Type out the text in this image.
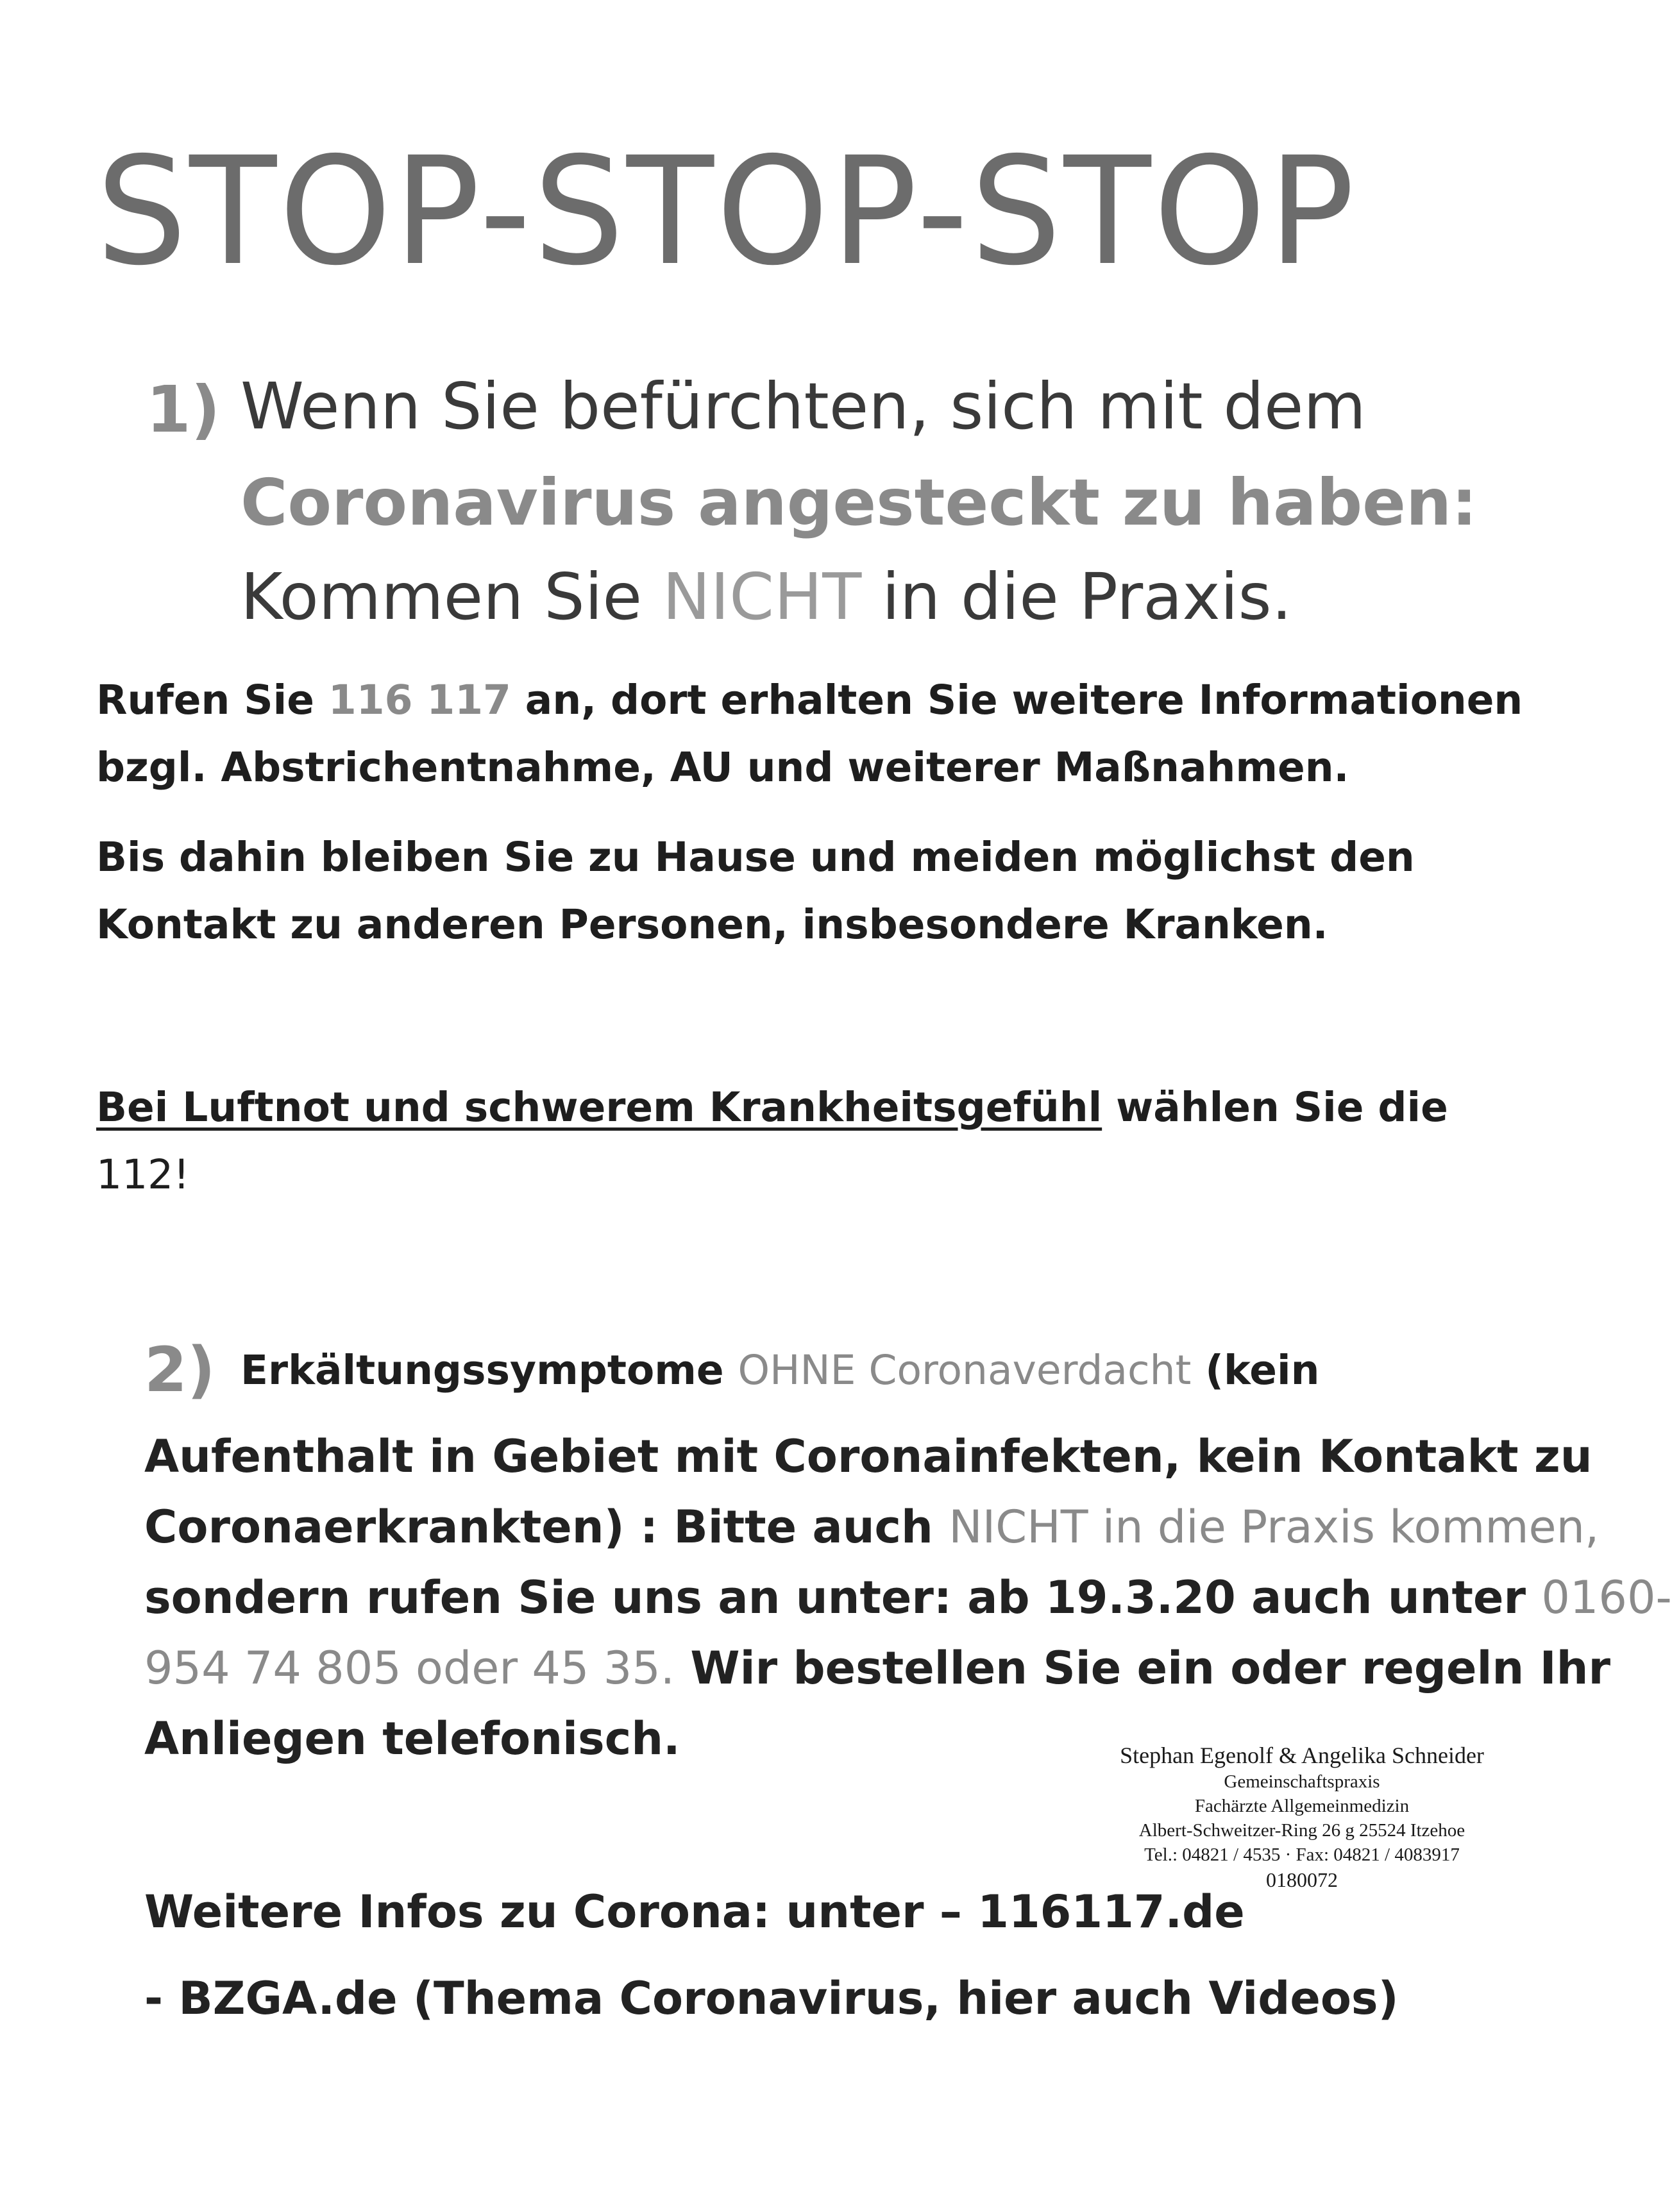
STOP-STOP-STOP
1) Wenn Sie befürchten, sich mit dem
Coronavirus angesteckt zu haben:
Kommen Sie NICHT in die Praxis.
Rufen Sie 116 117 an, dort erhalten Sie weitere Informationen
bzgl. Abstrichentnahme, AU und weiterer Maßnahmen.
Bis dahin bleiben Sie zu Hause und meiden möglichst den
Kontakt zu anderen Personen, insbesondere Kranken.
Bei Luftnot und schwerem Krankheitsgefühl wählen Sie die
112!
2) Erkältungssymptome OHNE Coronaverdacht (kein
Aufenthalt in Gebiet mit Coronainfekten, kein Kontakt zu
Coronaerkrankten) : Bitte auch NICHT in die Praxis kommen,
sondern rufen Sie uns an unter: ab 19.3.20 auch unter 0160-
954 74 805 oder 45 35. Wir bestellen Sie ein oder regeln Ihr
Anliegen telefonisch.	Stephan Egenolf & Angelika Schneider
Gemeinschaftspraxis
Fachärzte Allgemeinmedizin
Albert-Schweitzer-Ring 26 g 25524 Itzehoe
Tel.: 04821 / 4535 · Fax: 04821 / 4083917
0180072
Weitere Infos zu Corona: unter – 116117.de
- BZGA.de (Thema Coronavirus, hier auch Videos)
